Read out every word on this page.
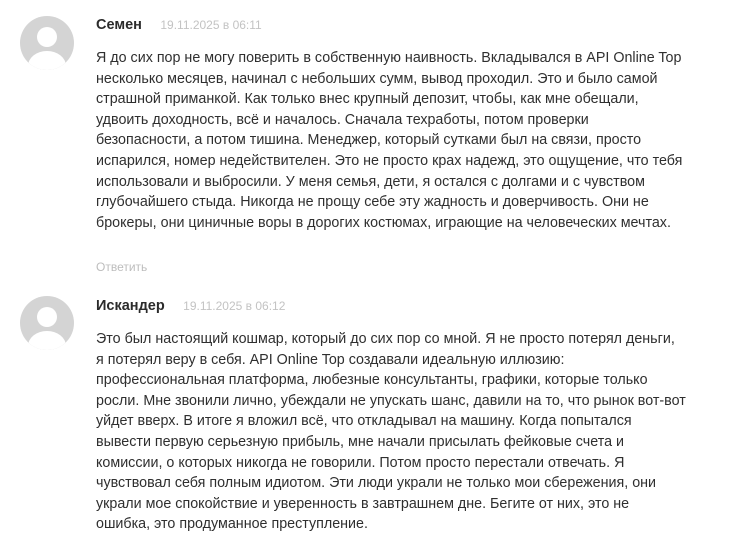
Семен 19.11.2025 в 06:11

Я до сих пор не могу поверить в собственную наивность. Вкладывался в API Online Top несколько месяцев, начинал с небольших сумм, вывод проходил. Это и было самой страшной приманкой. Как только внес крупный депозит, чтобы, как мне обещали, удвоить доходность, всё и началось. Сначала техработы, потом проверки безопасности, а потом тишина. Менеджер, который сутками был на связи, просто испарился, номер недействителен. Это не просто крах надежд, это ощущение, что тебя использовали и выбросили. У меня семья, дети, я остался с долгами и с чувством глубочайшего стыда. Никогда не прощу себе эту жадность и доверчивость. Они не брокеры, они циничные воры в дорогих костюмах, играющие на человеческих мечтах.

Ответить
Искандер 19.11.2025 в 06:12

Это был настоящий кошмар, который до сих пор со мной. Я не просто потерял деньги, я потерял веру в себя. API Online Top создавали идеальную иллюзию: профессиональная платформа, любезные консультанты, графики, которые только росли. Мне звонили лично, убеждали не упускать шанс, давили на то, что рынок вот-вот уйдет вверх. В итоге я вложил всё, что откладывал на машину. Когда попытался вывести первую серьезную прибыль, мне начали присылать фейковые счета и комиссии, о которых никогда не говорили. Потом просто перестали отвечать. Я чувствовал себя полным идиотом. Эти люди украли не только мои сбережения, они украли мое спокойствие и уверенность в завтрашнем дне. Бегите от них, это не ошибка, это продуманное преступление.
